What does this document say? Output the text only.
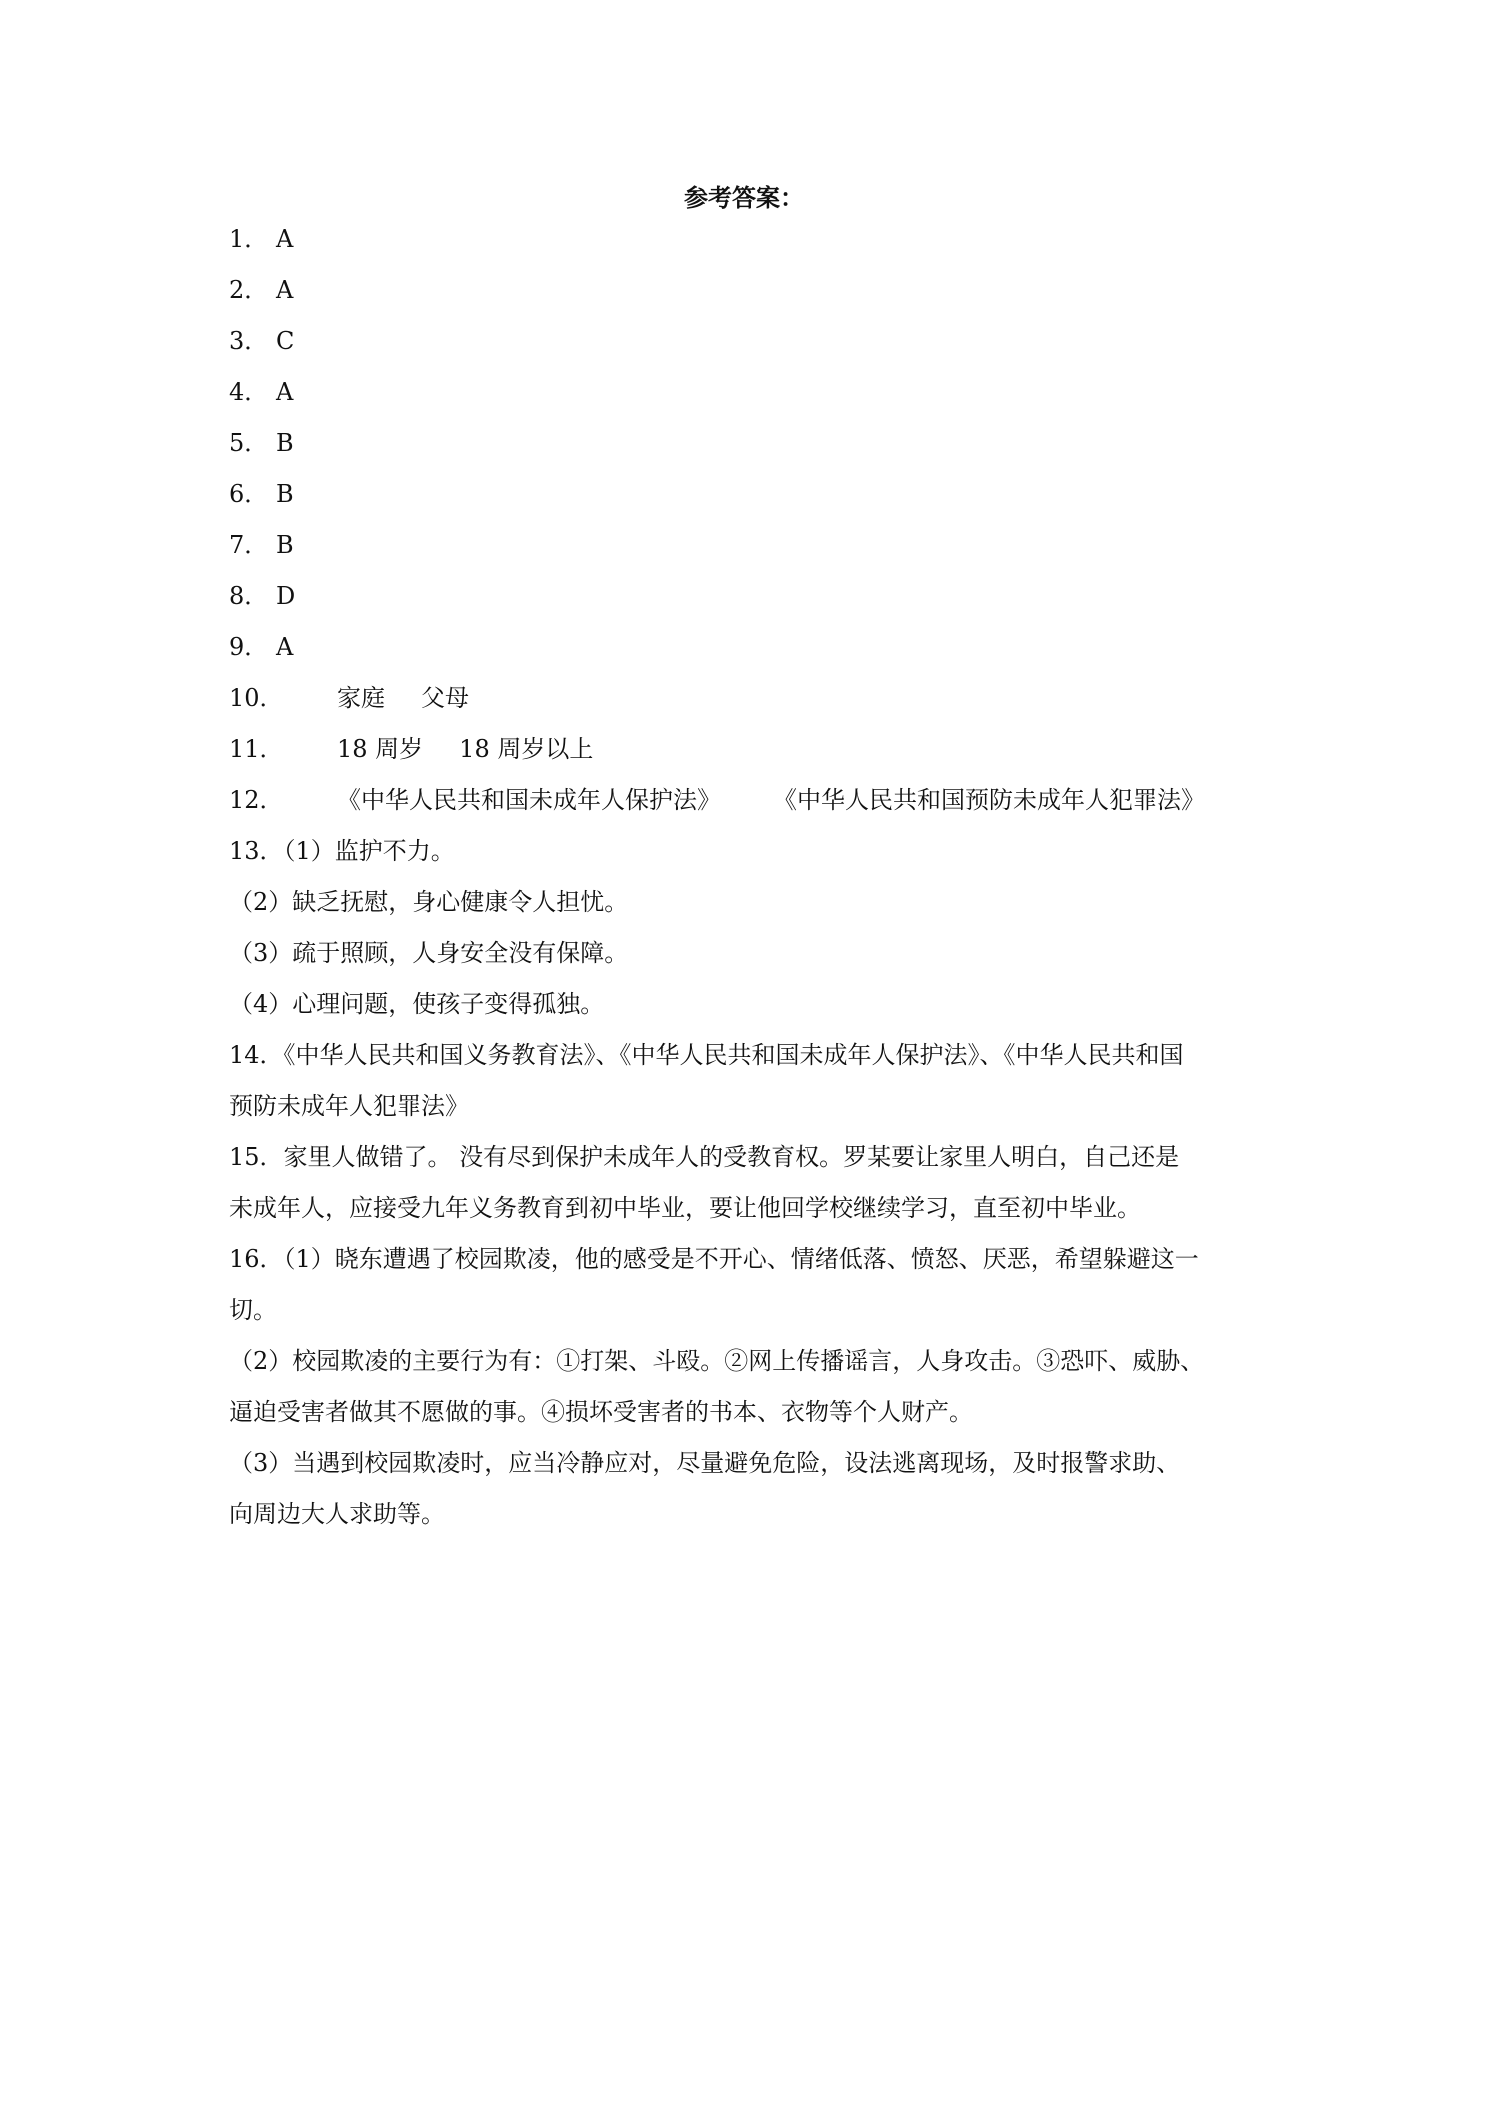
参考答案：
1． A
2． A
3． C
4． A
5． B
6． B
7． B
8． D
9． A
10． 家庭 父母
11． 18 周岁 18 周岁以上
12． 《中华人民共和国未成年人保护法》 《中华人民共和国预防未成年人犯罪法》
13．（1）监护不力。
（2）缺乏抚慰，身心健康令人担忧。
（3）疏于照顾，人身安全没有保障。
（4）心理问题，使孩子变得孤独。
14．《中华人民共和国义务教育法》、《中华人民共和国未成年人保护法》、《中华人民共和国
预防未成年人犯罪法》
15．家里人做错了。 没有尽到保护未成年人的受教育权。罗某要让家里人明白，自己还是
未成年人，应接受九年义务教育到初中毕业，要让他回学校继续学习，直至初中毕业。
16．（1）晓东遭遇了校园欺凌，他的感受是不开心、情绪低落、愤怒、厌恶，希望躲避这一
切。
（2）校园欺凌的主要行为有：①打架、斗殴。②网上传播谣言，人身攻击。③恐吓、威胁、
逼迫受害者做其不愿做的事。④损坏受害者的书本、衣物等个人财产。
（3）当遇到校园欺凌时，应当冷静应对，尽量避免危险，设法逃离现场，及时报警求助、
向周边大人求助等。
